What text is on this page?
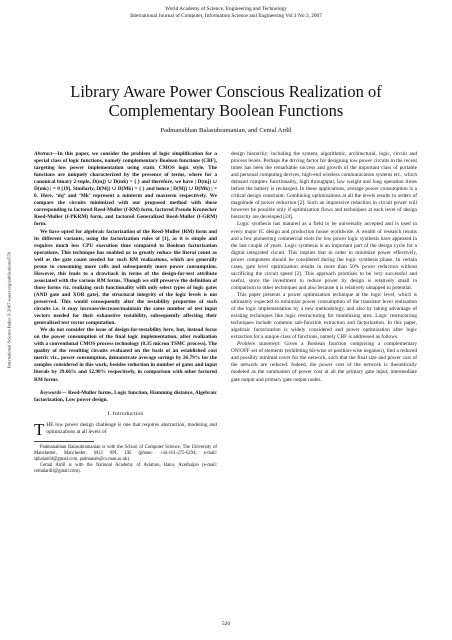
World Academy of Science, Engineering and Technology
International Journal of Computer, Information Science and Engineering Vol:1 No:3, 2007
International Science Index 3, 2007 waset.org/publications/570
Library Aware Power Conscious Realization of Complementary Boolean Functions
Padmanabhan Balasubramanian, and Cemal Ardil

Abstract—In this paper, we consider the problem of logic simplification for a special class of logic functions, namely complementary Boolean functions (CBF), targeting low power implementation using static CMOS logic style. The functions are uniquely characterized by the presence of terms, where for a canonical binary 2-tuple, D(mj) ∪ D(mk) = { } and therefore, we have | D(mj) ∪ D(mk) | = 0 [19]. Similarly, D(Mj) ∪ D(Mk) = { } and hence | D(Mj) ∪ D(Mk) | = 0. Here, ‘mj’ and ‘Mk’ represent a minterm and maxterm respectively. We compare the circuits minimized with our proposed method with those corresponding to factored Reed-Muller (f-RM) form, factored Pseudo Kronecker Reed-Muller (f-PKRM) form, and factored Generalized Reed-Muller (f-GRM) form.

We have opted for algebraic factorization of the Reed-Muller (RM) form and its different variants, using the factorization rules of [1], as it is simple and requires much less CPU execution time compared to Boolean factorization operations. This technique has enabled us to greatly reduce the literal count as well as the gate count needed for such RM realizations, which are generally prone to consuming more cells and subsequently more power consumption. However, this leads to a drawback in terms of the design-for-test attribute associated with the various RM forms. Though we still preserve the definition of those forms viz. realizing such functionality with only select types of logic gates (AND gate and XOR gate), the structural integrity of the logic levels is not preserved. This would consequently alter the testability properties of such circuits i.e. it may increase/decrease/maintain the same number of test input vectors needed for their exhaustive testability, subsequently affecting their generalized test vector computation.

We do not consider the issue of design-for-testability here, but, instead focus on the power consumption of the final logic implementation, after realization with a conventional CMOS process technology (0.35 micron TSMC process). The quality of the resulting circuits evaluated on the basis of an established cost metric viz., power consumption, demonstrate average savings by 26.79% for the samples considered in this work, besides reduction in number of gates and input literals by 39.66% and 12.98% respectively, in comparison with other factored RM forms.

Keywords— Reed-Muller forms, Logic function, Hamming distance, Algebraic factorization, Low power design.

I. Introduction

THE low power design challenge is one that requires abstraction, modeling and optimizations at all levels of

Padmanabhan Balasubramanian is with the School of Computer Science, The University of Manchester, Manchester, M13 9PL UK (phone: +44-161-275-6294; e-mail: spbalan04@gmail.com, padmanab@cs.man.ac.uk).

Cemal Ardil is with the National Academy of Aviation, Baku, Azerbaijan (e-mail: cemalardil@gmail.com).

design hierarchy; including the system, algorithmic, architectural, logic, circuit and process levels. Perhaps the driving factor for designing low power circuits in the recent times has been the remarkable success and growth of the important class of portable and personal computing devices, high-end wireless communication systems etc., which demand complex functionality, high throughput, low weight and long operation times before the battery is recharged. In these applications, average power consumption is a critical design constraint. Combining optimizations at all the levels results in orders of magnitude of power reduction [2]. Such an impressive reduction in circuit power will however be possible only if optimization flows and techniques at each level of design hierarchy are developed [24].

Logic synthesis has matured as a field to be universally accepted and is used in every major IC design and production house worldwide. A wealth of research results and a few pioneering commercial tools for low power logic synthesis have appeared in the last couple of years. Logic synthesis is an important part of the design cycle for a digital integrated circuit. This implies that in order to minimize power effectively, power component should be considered during the logic synthesis phase. In certain cases, gate level optimization results in more than 50% power reduction without sacrificing the circuit speed [2]. This approach promises to be very successful and useful, since the investment to reduce power by design is relatively small in comparison to other techniques and also because it is relatively untapped in potential.

This paper presents a power optimization technique at the logic level, which is ultimately expected to minimize power consumption of the transistor level realization of the logic implementation by a new methodology, and also by taking advantage of existing techniques like logic restructuring for minimizing area. Logic restructuring techniques include common sub-function extraction and factorization. In this paper, algebraic factorization is widely considered and power optimization after logic extraction for a unique class of functions, namely CBF is addressed as follows.

Problem statement: Given a Boolean function comprising a complementary ON/OFF set of elements (exhibiting bit-wise or position-wise negation), find a reduced and possibly minimal cover for the network, such that the final size and power cost of the network are reduced. Indeed, the power cost of the network is theoretically modeled as the summation of power cost at all the primary gate input, intermediate gate output and primary gate output nodes.

520
